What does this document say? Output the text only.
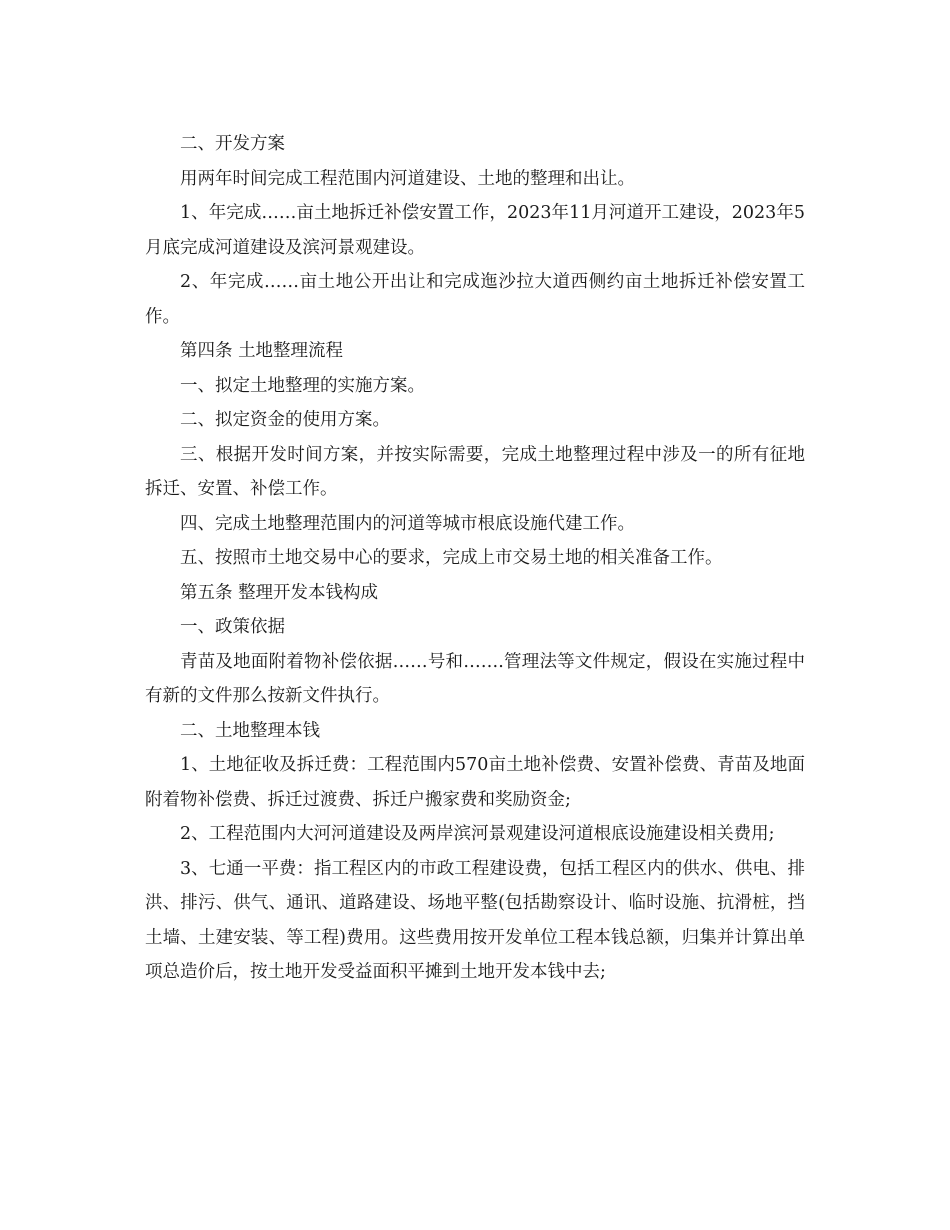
二、开发方案

用两年时间完成工程范围内河道建设、土地的整理和出让。

1、年完成……亩土地拆迁补偿安置工作，2023年11月河道开工建设，2023年5月底完成河道建设及滨河景观建设。

2、年完成……亩土地公开出让和完成迤沙拉大道西侧约亩土地拆迁补偿安置工作。

第四条 土地整理流程

一、拟定土地整理的实施方案。

二、拟定资金的使用方案。

三、根据开发时间方案，并按实际需要，完成土地整理过程中涉及一的所有征地拆迁、安置、补偿工作。

四、完成土地整理范围内的河道等城市根底设施代建工作。

五、按照市土地交易中心的要求，完成上市交易土地的相关准备工作。

第五条 整理开发本钱构成

一、政策依据

青苗及地面附着物补偿依据……号和…….管理法等文件规定，假设在实施过程中有新的文件那么按新文件执行。

二、土地整理本钱

1、土地征收及拆迁费：工程范围内570亩土地补偿费、安置补偿费、青苗及地面附着物补偿费、拆迁过渡费、拆迁户搬家费和奖励资金;

2、工程范围内大河河道建设及两岸滨河景观建设河道根底设施建设相关费用;

3、七通一平费：指工程区内的市政工程建设费，包括工程区内的供水、供电、排洪、排污、供气、通讯、道路建设、场地平整(包括勘察设计、临时设施、抗滑桩，挡土墙、土建安装、等工程)费用。这些费用按开发单位工程本钱总额，归集并计算出单项总造价后，按土地开发受益面积平摊到土地开发本钱中去;
